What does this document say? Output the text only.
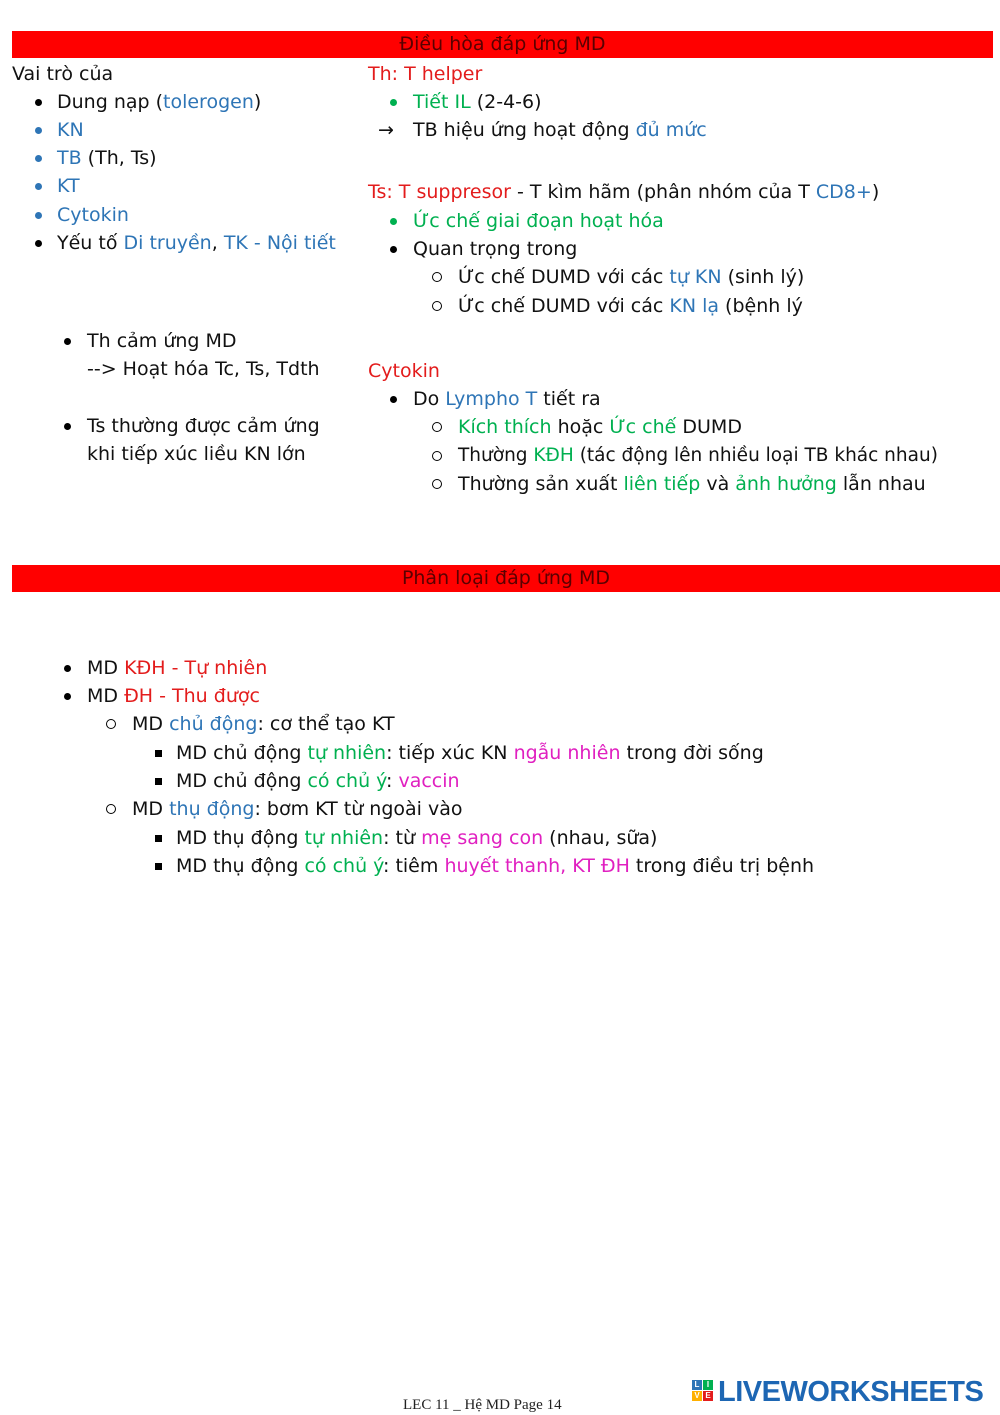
Điều hòa đáp ứng MD
Vai trò của
Dung nạp (tolerogen)
KN
TB (Th, Ts)
KT
Cytokin
Yếu tố Di truyền, TK - Nội tiết
Th cảm ứng MD
--> Hoạt hóa Tc, Ts, Tdth
Ts thường được cảm ứng
khi tiếp xúc liều KN lớn
Th: T helper
Tiết IL (2-4-6)
→ TB hiệu ứng hoạt động đủ mức
Ts: T suppresor - T kìm hãm (phân nhóm của T CD8+)
Ức chế giai đoạn hoạt hóa
Quan trọng trong
Ức chế DUMD với các tự KN (sinh lý)
Ức chế DUMD với các KN lạ (bệnh lý
Cytokin
Do Lympho T tiết ra
Kích thích hoặc Ức chế DUMD
Thường KĐH (tác động lên nhiều loại TB khác nhau)
Thường sản xuất liên tiếp và ảnh hưởng lẫn nhau
Phân loại đáp ứng MD
MD KĐH - Tự nhiên
MD ĐH - Thu được
MD chủ động: cơ thể tạo KT
MD chủ động tự nhiên: tiếp xúc KN ngẫu nhiên trong đời sống
MD chủ động có chủ ý: vaccin
MD thụ động: bơm KT từ ngoài vào
MD thụ động tự nhiên: từ mẹ sang con (nhau, sữa)
MD thụ động có chủ ý: tiêm huyết thanh, KT ĐH trong điều trị bệnh
LEC 11 _ Hệ MD Page 14
L I
V E LIVEWORKSHEETS
